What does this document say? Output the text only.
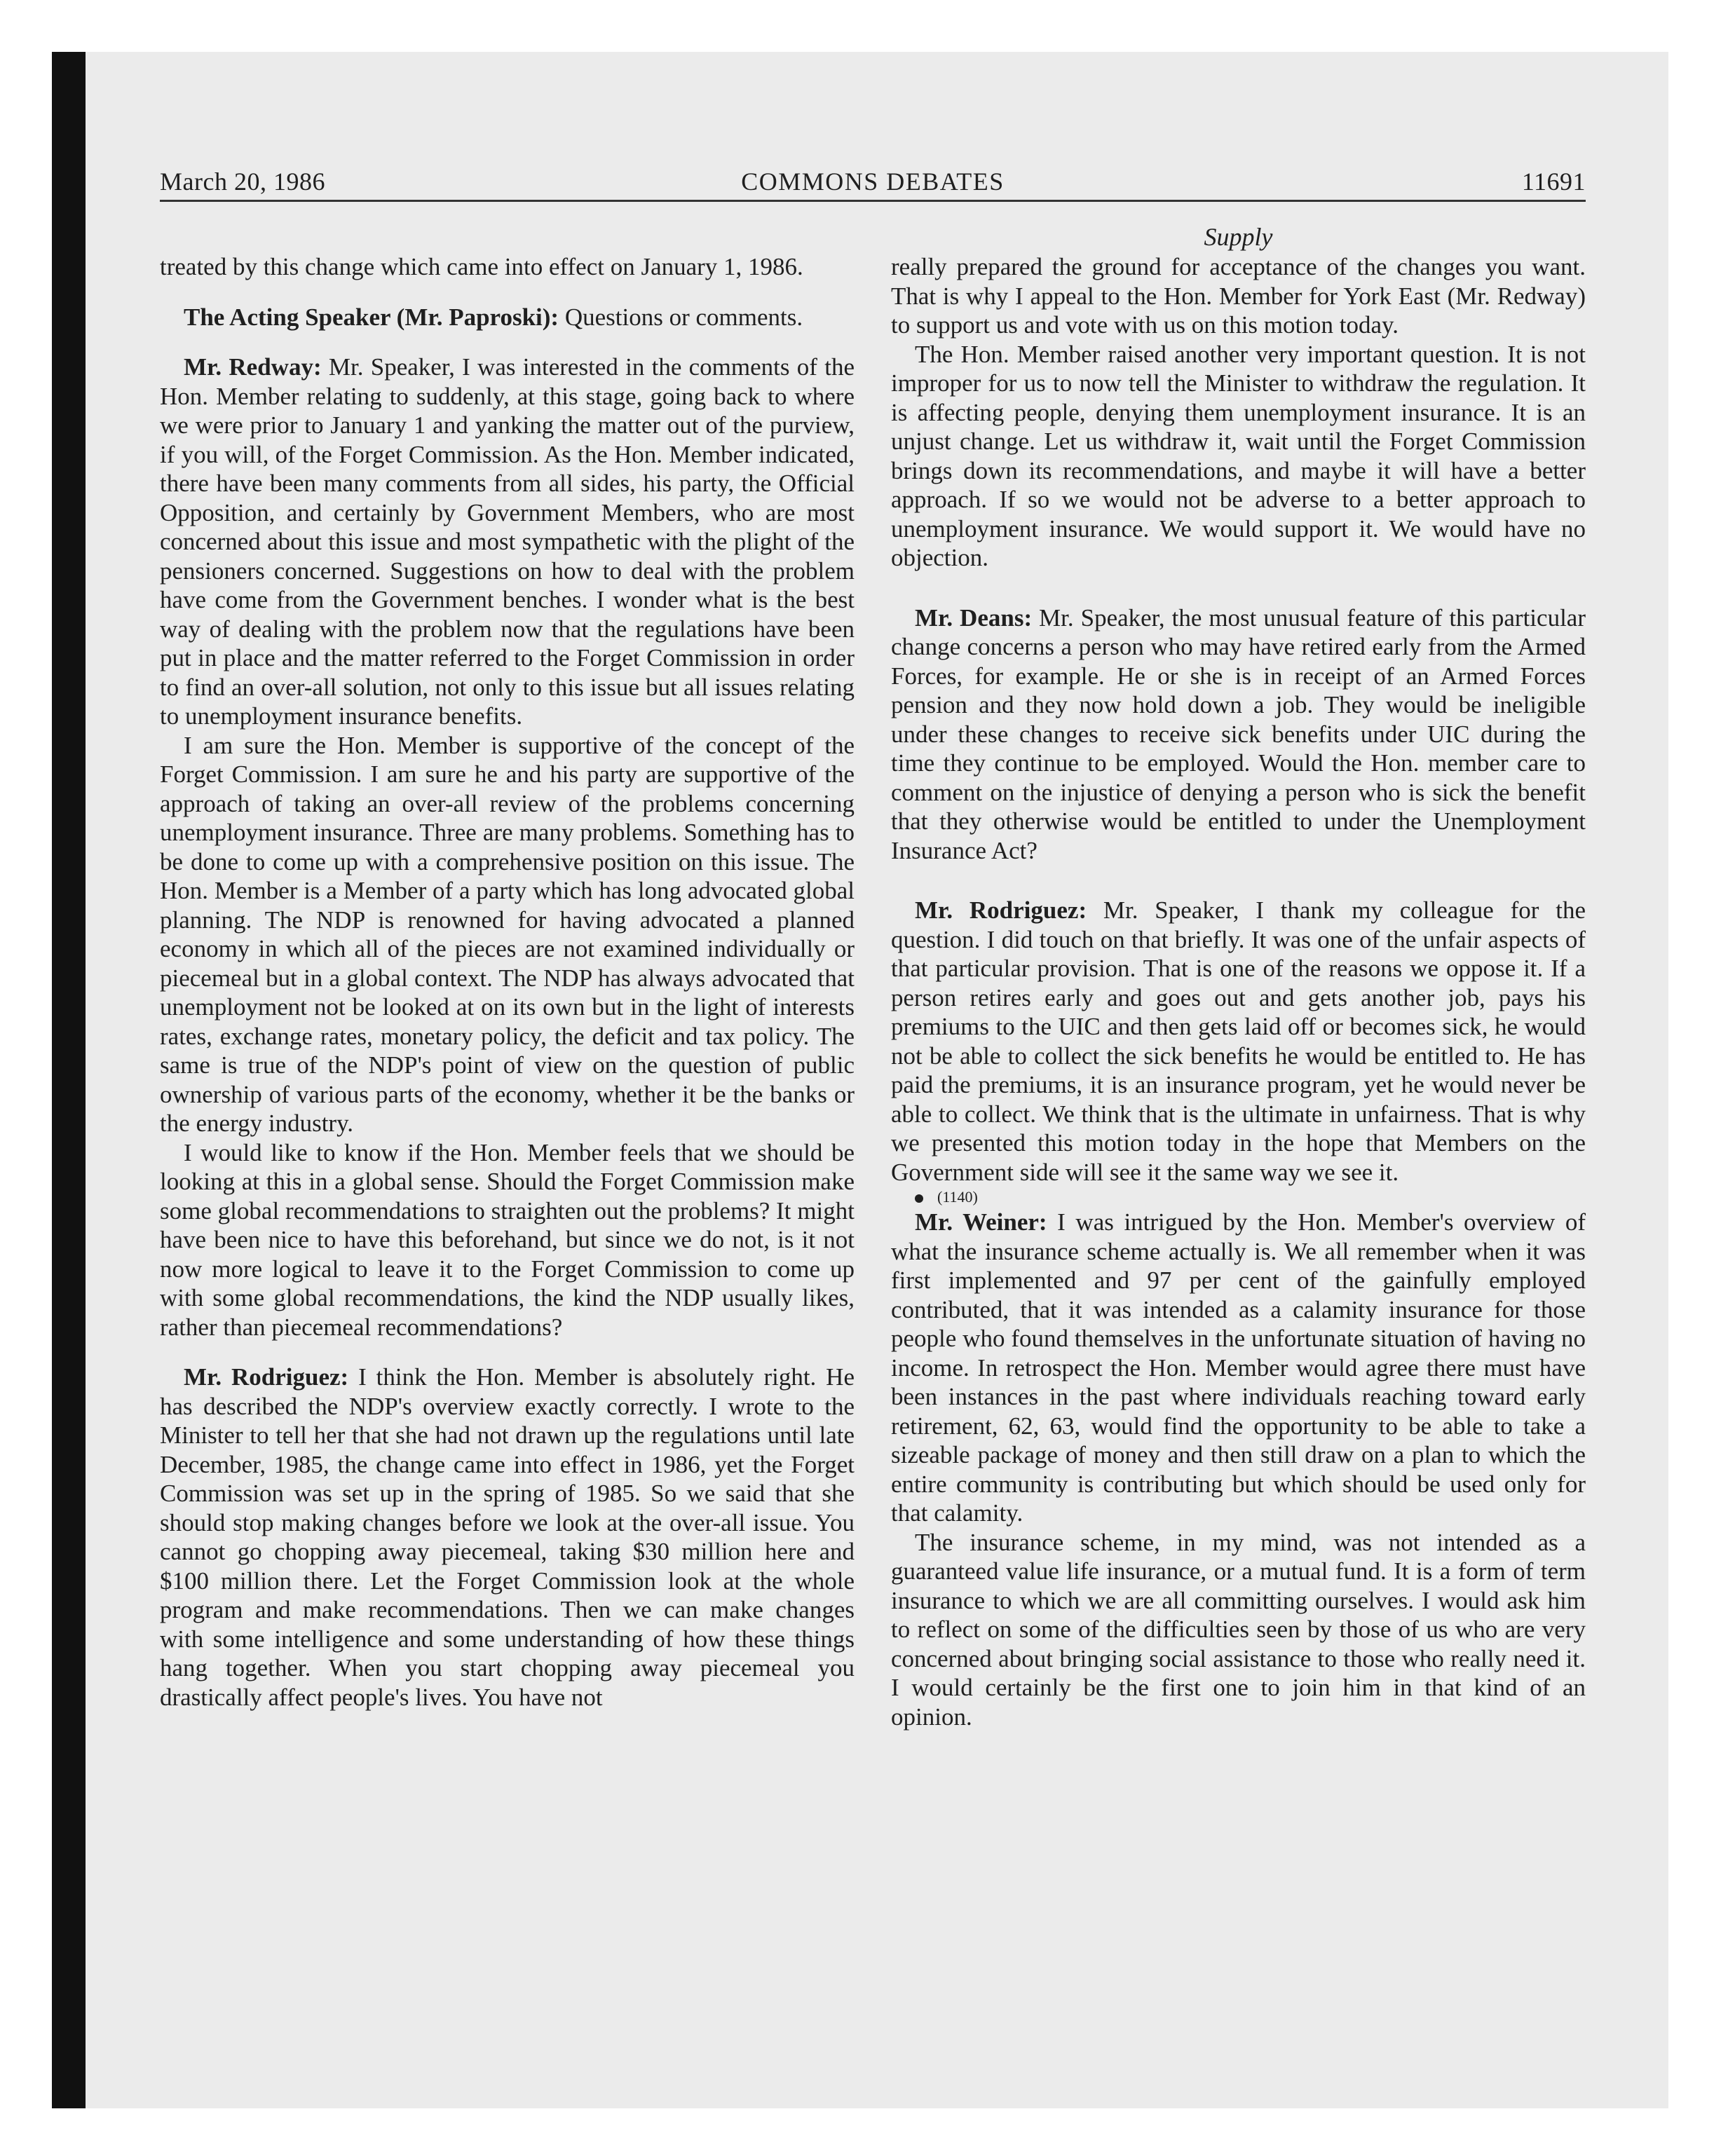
March 20, 1986	COMMONS DEBATES	11691
Supply

treated by this change which came into effect on January 1, 1986.

The Acting Speaker (Mr. Paproski): Questions or comments.

Mr. Redway: Mr. Speaker, I was interested in the comments of the Hon. Member relating to suddenly, at this stage, going back to where we were prior to January 1 and yanking the matter out of the purview, if you will, of the Forget Commission. As the Hon. Member indicated, there have been many comments from all sides, his party, the Official Opposition, and certainly by Government Members, who are most concerned about this issue and most sympathetic with the plight of the pensioners concerned. Suggestions on how to deal with the problem have come from the Government benches. I wonder what is the best way of dealing with the problem now that the regulations have been put in place and the matter referred to the Forget Commission in order to find an over-all solution, not only to this issue but all issues relating to unemployment insurance benefits.

I am sure the Hon. Member is supportive of the concept of the Forget Commission. I am sure he and his party are supportive of the approach of taking an over-all review of the problems concerning unemployment insurance. Three are many problems. Something has to be done to come up with a comprehensive position on this issue. The Hon. Member is a Member of a party which has long advocated global planning. The NDP is renowned for having advocated a planned economy in which all of the pieces are not examined individually or piecemeal but in a global context. The NDP has always advocated that unemployment not be looked at on its own but in the light of interests rates, exchange rates, monetary policy, the deficit and tax policy. The same is true of the NDP's point of view on the question of public ownership of various parts of the economy, whether it be the banks or the energy industry.

I would like to know if the Hon. Member feels that we should be looking at this in a global sense. Should the Forget Commission make some global recommendations to straighten out the problems? It might have been nice to have this beforehand, but since we do not, is it not now more logical to leave it to the Forget Commission to come up with some global recommendations, the kind the NDP usually likes, rather than piecemeal recommendations?

Mr. Rodriguez: I think the Hon. Member is absolutely right. He has described the NDP's overview exactly correctly. I wrote to the Minister to tell her that she had not drawn up the regulations until late December, 1985, the change came into effect in 1986, yet the Forget Commission was set up in the spring of 1985. So we said that she should stop making changes before we look at the over-all issue. You cannot go chopping away piecemeal, taking $30 million here and $100 million there. Let the Forget Commission look at the whole program and make recommendations. Then we can make changes with some intelligence and some understanding of how these things hang together. When you start chopping away piecemeal you drastically affect people's lives. You have not

really prepared the ground for acceptance of the changes you want. That is why I appeal to the Hon. Member for York East (Mr. Redway) to support us and vote with us on this motion today.

The Hon. Member raised another very important question. It is not improper for us to now tell the Minister to withdraw the regulation. It is affecting people, denying them unemployment insurance. It is an unjust change. Let us withdraw it, wait until the Forget Commission brings down its recommendations, and maybe it will have a better approach. If so we would not be adverse to a better approach to unemployment insurance. We would support it. We would have no objection.

Mr. Deans: Mr. Speaker, the most unusual feature of this particular change concerns a person who may have retired early from the Armed Forces, for example. He or she is in receipt of an Armed Forces pension and they now hold down a job. They would be ineligible under these changes to receive sick benefits under UIC during the time they continue to be employed. Would the Hon. member care to comment on the injustice of denying a person who is sick the benefit that they otherwise would be entitled to under the Unemployment Insurance Act?

Mr. Rodriguez: Mr. Speaker, I thank my colleague for the question. I did touch on that briefly. It was one of the unfair aspects of that particular provision. That is one of the reasons we oppose it. If a person retires early and goes out and gets another job, pays his premiums to the UIC and then gets laid off or becomes sick, he would not be able to collect the sick benefits he would be entitled to. He has paid the premiums, it is an insurance program, yet he would never be able to collect. We think that is the ultimate in unfairness. That is why we presented this motion today in the hope that Members on the Government side will see it the same way we see it.

(1140)

Mr. Weiner: I was intrigued by the Hon. Member's overview of what the insurance scheme actually is. We all remember when it was first implemented and 97 per cent of the gainfully employed contributed, that it was intended as a calamity insurance for those people who found themselves in the unfortunate situation of having no income. In retrospect the Hon. Member would agree there must have been instances in the past where individuals reaching toward early retirement, 62, 63, would find the opportunity to be able to take a sizeable package of money and then still draw on a plan to which the entire community is contributing but which should be used only for that calamity.

The insurance scheme, in my mind, was not intended as a guaranteed value life insurance, or a mutual fund. It is a form of term insurance to which we are all committing ourselves. I would ask him to reflect on some of the difficulties seen by those of us who are very concerned about bringing social assistance to those who really need it. I would certainly be the first one to join him in that kind of an opinion.
